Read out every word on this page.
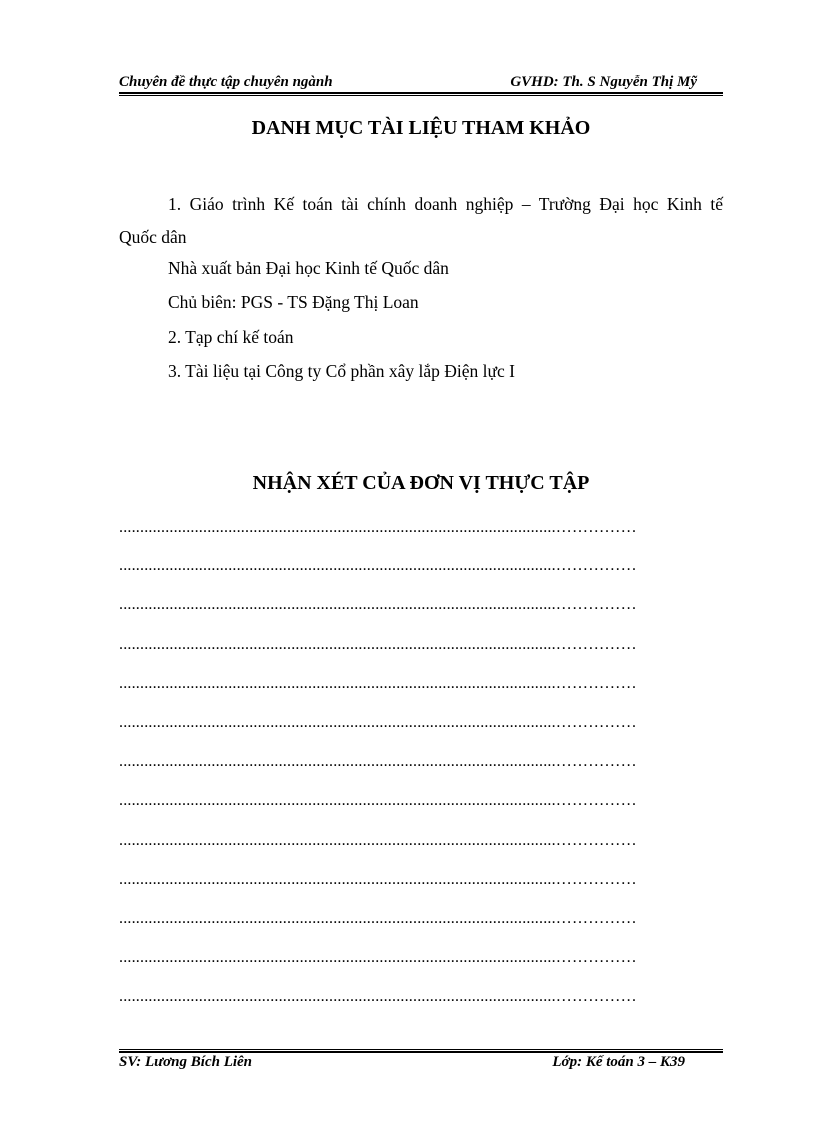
Chuyên đề thực tập chuyên ngành	GVHD: Th. S Nguyễn Thị Mỹ
DANH MỤC TÀI LIỆU THAM KHẢO
1. Giáo trình Kế toán tài chính doanh nghiệp – Trường Đại học Kinh tế
Quốc dân
Nhà xuất bản Đại học Kinh tế Quốc dân
Chủ biên: PGS - TS Đặng Thị Loan
2. Tạp chí kế toán
3. Tài liệu tại Công ty Cổ phần xây lắp Điện lực I
NHẬN XÉT CỦA ĐƠN VỊ THỰC TẬP
........................................................................................................……………
........................................................................................................……………
........................................................................................................……………
........................................................................................................……………
........................................................................................................……………
........................................................................................................……………
........................................................................................................……………
........................................................................................................……………
........................................................................................................……………
........................................................................................................……………
........................................................................................................……………
........................................................................................................……………
........................................................................................................……………
SV: Lương Bích Liên	Lớp: Kế toán 3 – K39
